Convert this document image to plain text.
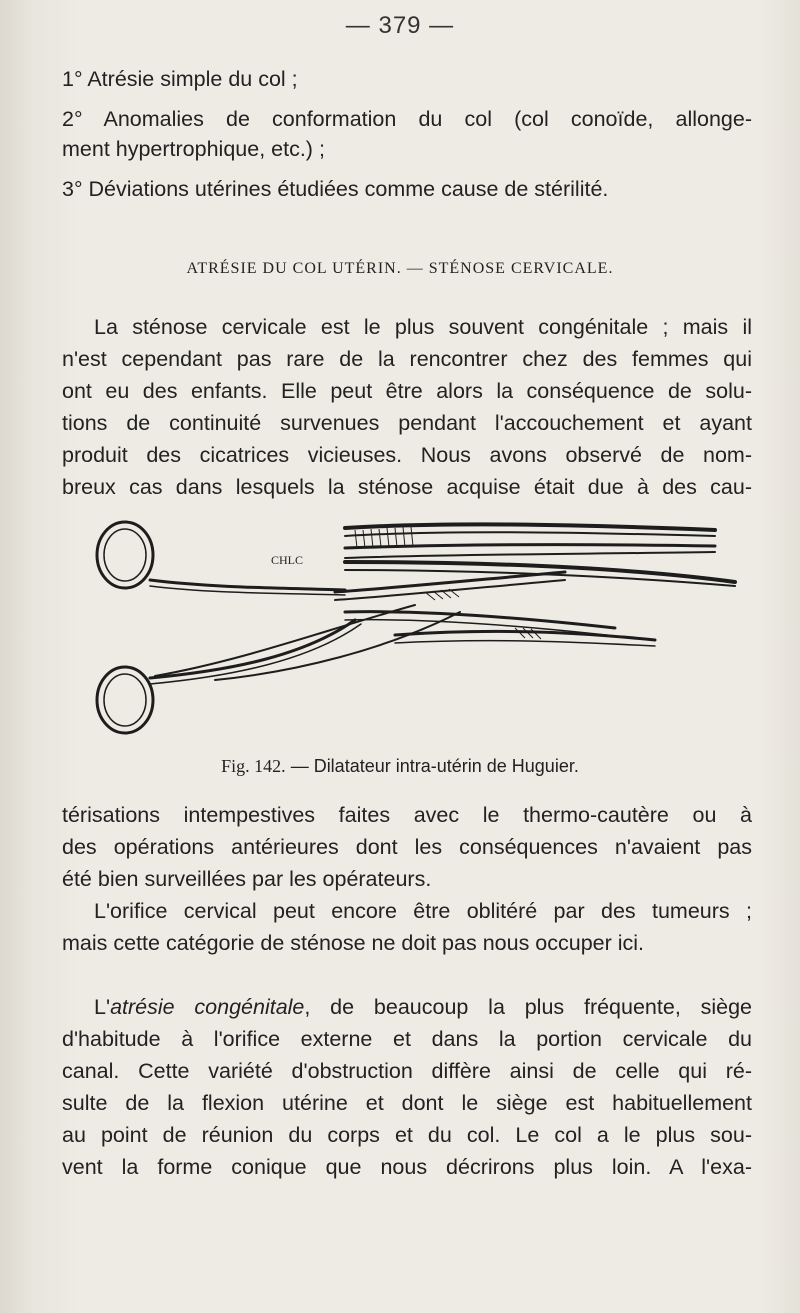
— 379 —
1° Atrésie simple du col ;
2° Anomalies de conformation du col (col conoïde, allonge-
ment hypertrophique, etc.) ;
3° Déviations utérines étudiées comme cause de stérilité.
ATRÉSIE DU COL UTÉRIN. — STÉNOSE CERVICALE.
La sténose cervicale est le plus souvent congénitale ; mais il
n'est cependant pas rare de la rencontrer chez des femmes qui
ont eu des enfants. Elle peut être alors la conséquence de solu-
tions de continuité survenues pendant l'accouchement et ayant
produit des cicatrices vicieuses. Nous avons observé de nom-
breux cas dans lesquels la sténose acquise était due à des cau-
CHLC
Fig. 142. — Dilatateur intra-utérin de Huguier.
térisations intempestives faites avec le thermo-cautère ou à
des opérations antérieures dont les conséquences n'avaient pas
été bien surveillées par les opérateurs.
L'orifice cervical peut encore être oblitéré par des tumeurs ;
mais cette catégorie de sténose ne doit pas nous occuper ici.
L'atrésie congénitale, de beaucoup la plus fréquente, siège
d'habitude à l'orifice externe et dans la portion cervicale du
canal. Cette variété d'obstruction diffère ainsi de celle qui ré-
sulte de la flexion utérine et dont le siège est habituellement
au point de réunion du corps et du col. Le col a le plus sou-
vent la forme conique que nous décrirons plus loin. A l'exa-
